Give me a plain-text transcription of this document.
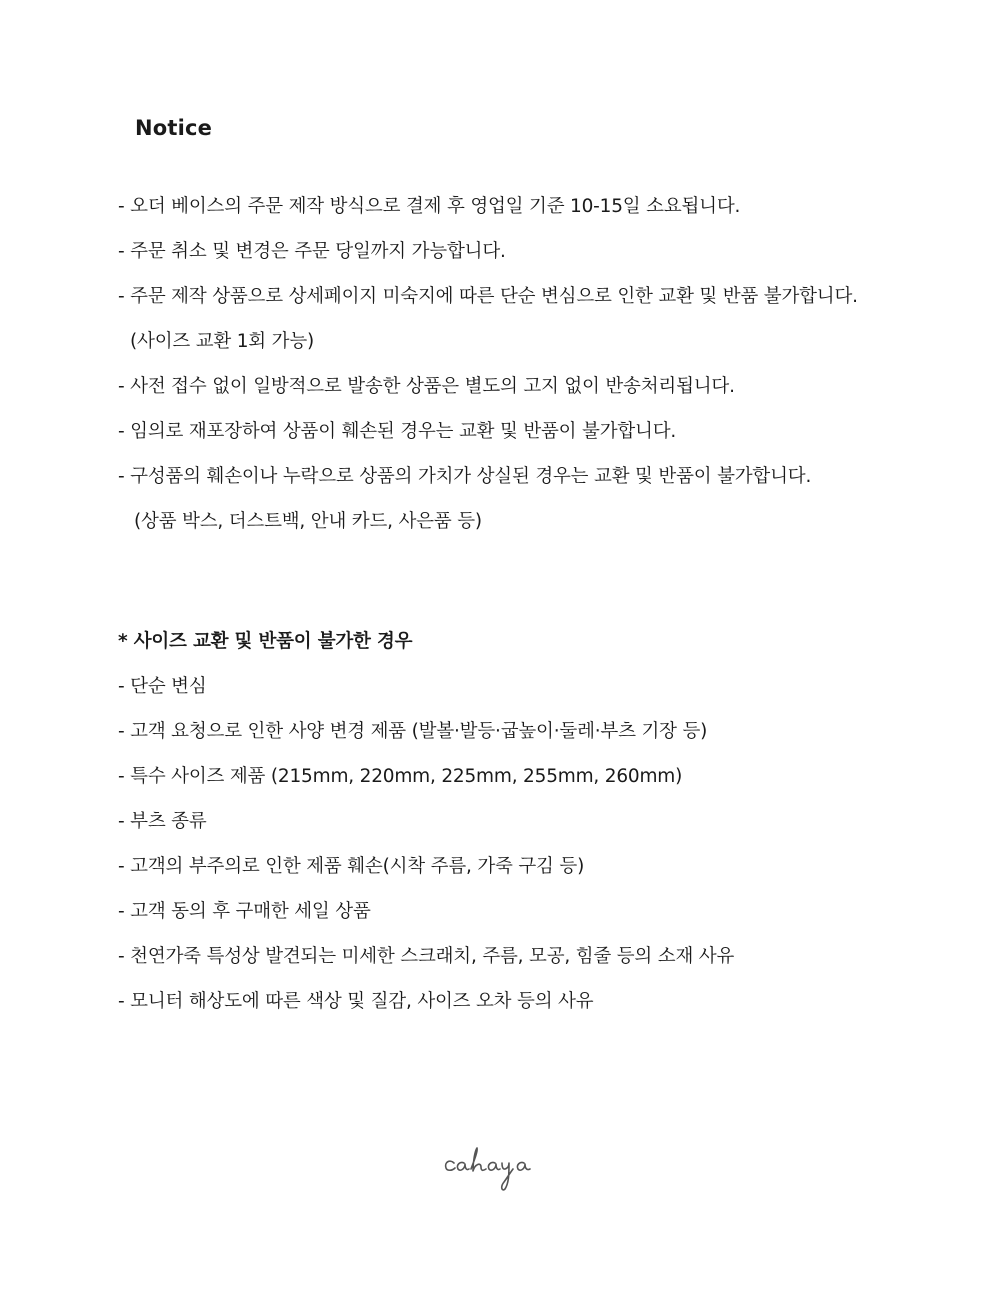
Notice
- 오더 베이스의 주문 제작 방식으로 결제 후 영업일 기준 10-15일 소요됩니다.
- 주문 취소 및 변경은 주문 당일까지 가능합니다.
- 주문 제작 상품으로 상세페이지 미숙지에 따른 단순 변심으로 인한 교환 및 반품 불가합니다.
(사이즈 교환 1회 가능)
- 사전 접수 없이 일방적으로 발송한 상품은 별도의 고지 없이 반송처리됩니다.
- 임의로 재포장하여 상품이 훼손된 경우는 교환 및 반품이 불가합니다.
- 구성품의 훼손이나 누락으로 상품의 가치가 상실된 경우는 교환 및 반품이 불가합니다.
(상품 박스, 더스트백, 안내 카드, 사은품 등)
* 사이즈 교환 및 반품이 불가한 경우
- 단순 변심
- 고객 요청으로 인한 사양 변경 제품 (발볼·발등·굽높이·둘레·부츠 기장 등)
- 특수 사이즈 제품 (215mm, 220mm, 225mm, 255mm, 260mm)
- 부츠 종류
- 고객의 부주의로 인한 제품 훼손(시착 주름, 가죽 구김 등)
- 고객 동의 후 구매한 세일 상품
- 천연가죽 특성상 발견되는 미세한 스크래치, 주름, 모공, 힘줄 등의 소재 사유
- 모니터 해상도에 따른 색상 및 질감, 사이즈 오차 등의 사유
